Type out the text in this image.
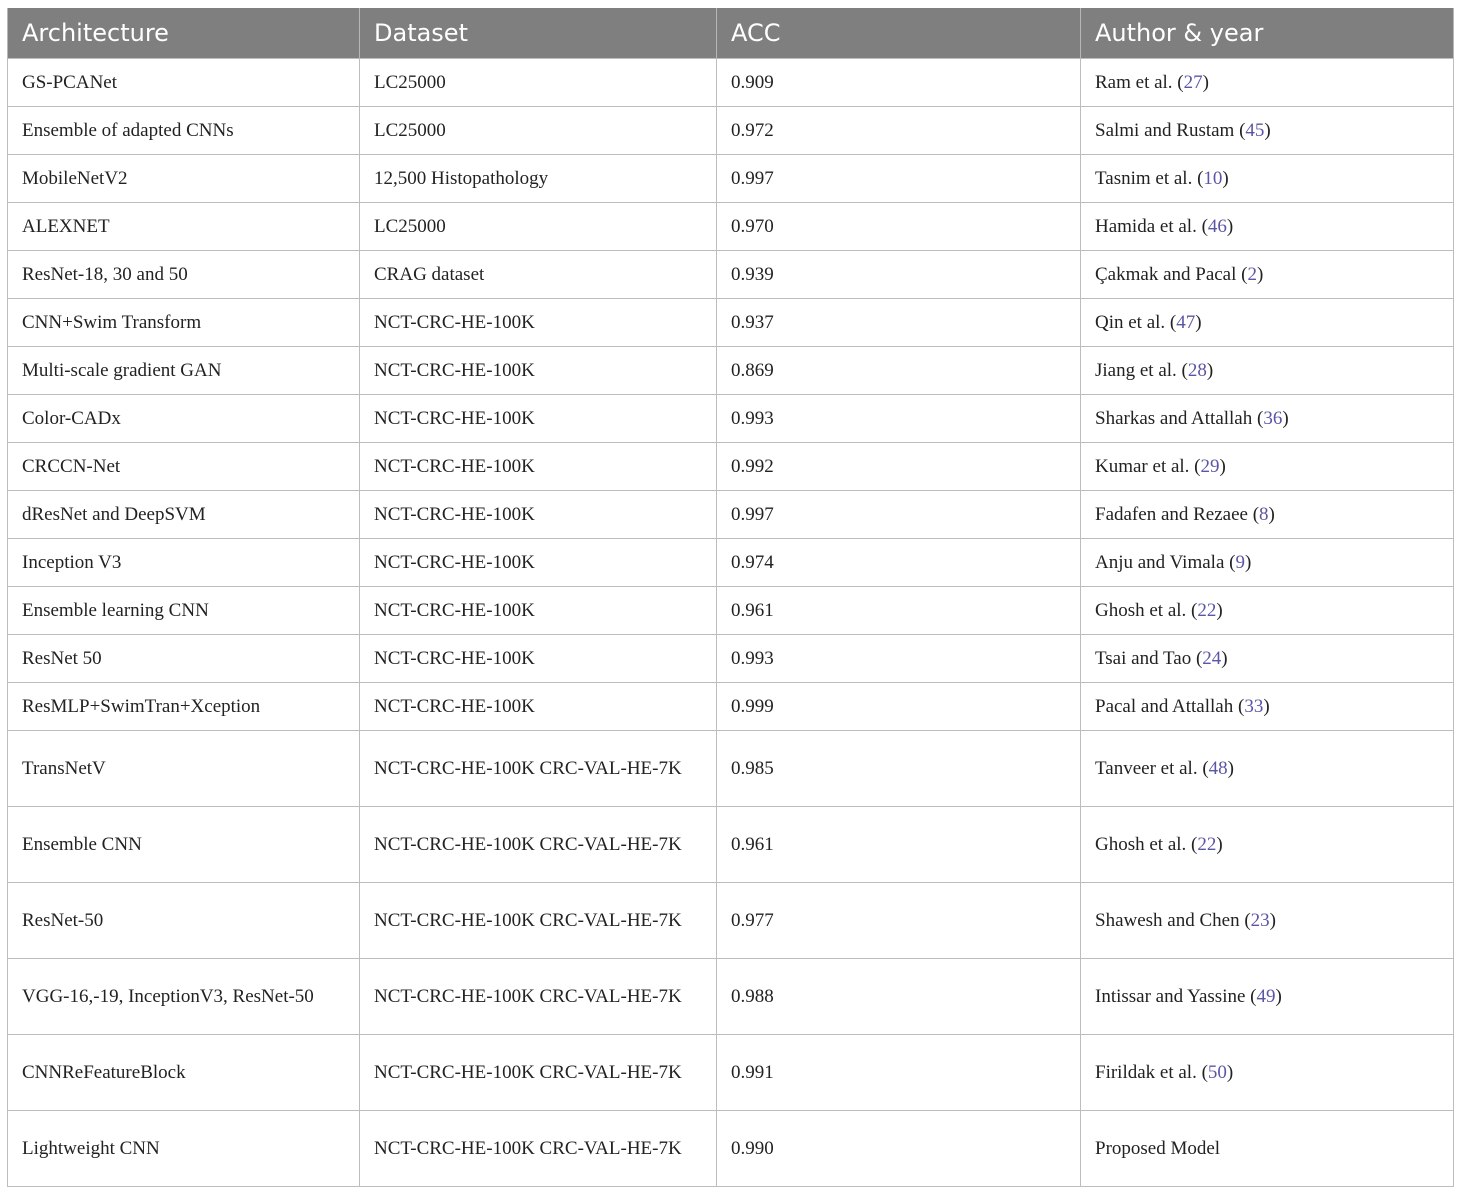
Architecture	Dataset	ACC	Author & year
GS-PCANet	LC25000	0.909	Ram et al. (27)
Ensemble of adapted CNNs	LC25000	0.972	Salmi and Rustam (45)
MobileNetV2	12,500 Histopathology	0.997	Tasnim et al. (10)
ALEXNET	LC25000	0.970	Hamida et al. (46)
ResNet-18, 30 and 50	CRAG dataset	0.939	Çakmak and Pacal (2)
CNN+Swim Transform	NCT-CRC-HE-100K	0.937	Qin et al. (47)
Multi-scale gradient GAN	NCT-CRC-HE-100K	0.869	Jiang et al. (28)
Color-CADx	NCT-CRC-HE-100K	0.993	Sharkas and Attallah (36)
CRCCN-Net	NCT-CRC-HE-100K	0.992	Kumar et al. (29)
dResNet and DeepSVM	NCT-CRC-HE-100K	0.997	Fadafen and Rezaee (8)
Inception V3	NCT-CRC-HE-100K	0.974	Anju and Vimala (9)
Ensemble learning CNN	NCT-CRC-HE-100K	0.961	Ghosh et al. (22)
ResNet 50	NCT-CRC-HE-100K	0.993	Tsai and Tao (24)
ResMLP+SwimTran+Xception	NCT-CRC-HE-100K	0.999	Pacal and Attallah (33)
TransNetV	NCT-CRC-HE-100K CRC-VAL-HE-7K	0.985	Tanveer et al. (48)
Ensemble CNN	NCT-CRC-HE-100K CRC-VAL-HE-7K	0.961	Ghosh et al. (22)
ResNet-50	NCT-CRC-HE-100K CRC-VAL-HE-7K	0.977	Shawesh and Chen (23)
VGG-16,-19, InceptionV3, ResNet-50	NCT-CRC-HE-100K CRC-VAL-HE-7K	0.988	Intissar and Yassine (49)
CNNReFeatureBlock	NCT-CRC-HE-100K CRC-VAL-HE-7K	0.991	Firildak et al. (50)
Lightweight CNN	NCT-CRC-HE-100K CRC-VAL-HE-7K	0.990	Proposed Model
